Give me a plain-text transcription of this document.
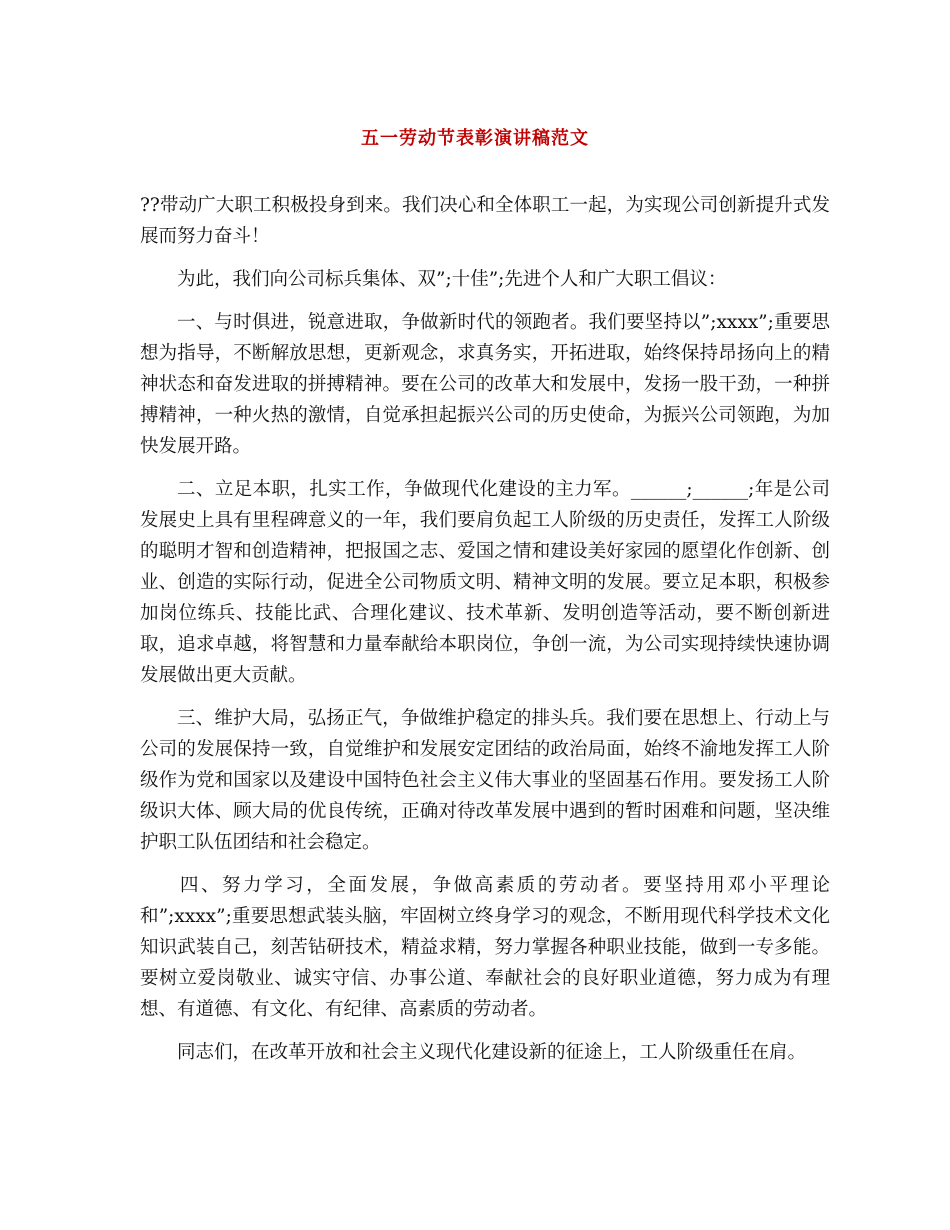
五一劳动节表彰演讲稿范文

??带动广大职工积极投身到来。我们决心和全体职工一起，为实现公司创新提升式发展而努力奋斗！

为此，我们向公司标兵集体、双”;十佳”;先进个人和广大职工倡议：

一、与时俱进，锐意进取，争做新时代的领跑者。我们要坚持以”;xxxx”;重要思想为指导，不断解放思想，更新观念，求真务实，开拓进取，始终保持昂扬向上的精神状态和奋发进取的拼搏精神。要在公司的改革大和发展中，发扬一股干劲，一种拼搏精神，一种火热的激情，自觉承担起振兴公司的历史使命，为振兴公司领跑，为加快发展开路。

二、立足本职，扎实工作，争做现代化建设的主力军。______;______;年是公司发展史上具有里程碑意义的一年，我们要肩负起工人阶级的历史责任，发挥工人阶级的聪明才智和创造精神，把报国之志、爱国之情和建设美好家园的愿望化作创新、创业、创造的实际行动，促进全公司物质文明、精神文明的发展。要立足本职，积极参加岗位练兵、技能比武、合理化建议、技术革新、发明创造等活动，要不断创新进取，追求卓越，将智慧和力量奉献给本职岗位，争创一流，为公司实现持续快速协调发展做出更大贡献。

三、维护大局，弘扬正气，争做维护稳定的排头兵。我们要在思想上、行动上与公司的发展保持一致，自觉维护和发展安定团结的政治局面，始终不渝地发挥工人阶级作为党和国家以及建设中国特色社会主义伟大事业的坚固基石作用。要发扬工人阶级识大体、顾大局的优良传统，正确对待改革发展中遇到的暂时困难和问题，坚决维护职工队伍团结和社会稳定。

四、努力学习，全面发展，争做高素质的劳动者。要坚持用邓小平理论和”;xxxx”;重要思想武装头脑，牢固树立终身学习的观念，不断用现代科学技术文化知识武装自己，刻苦钻研技术，精益求精，努力掌握各种职业技能，做到一专多能。要树立爱岗敬业、诚实守信、办事公道、奉献社会的良好职业道德，努力成为有理想、有道德、有文化、有纪律、高素质的劳动者。

同志们，在改革开放和社会主义现代化建设新的征途上，工人阶级重任在肩。
